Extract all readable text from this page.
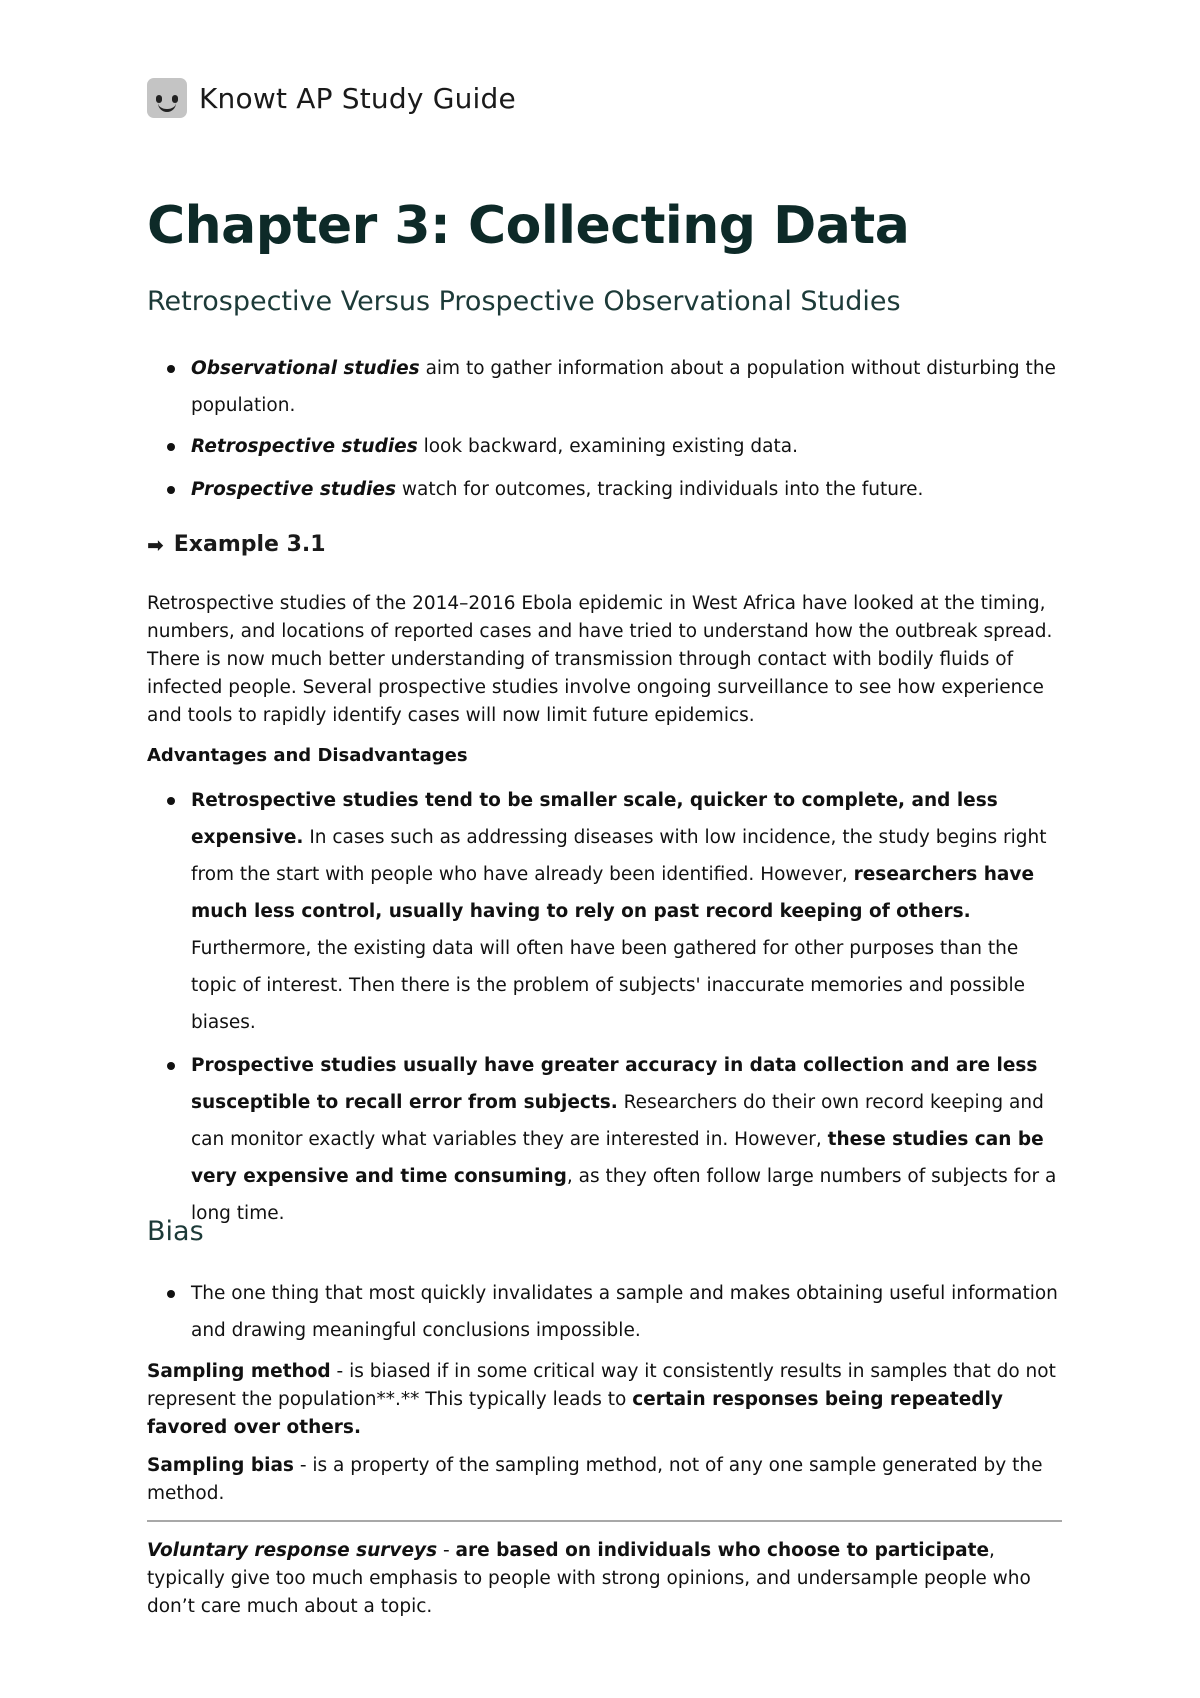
Knowt AP Study Guide
Chapter 3: Collecting Data
Retrospective Versus Prospective Observational Studies
Observational studies aim to gather information about a population without disturbing the population.
Retrospective studies look backward, examining existing data.
Prospective studies watch for outcomes, tracking individuals into the future.
➡ Example 3.1

Retrospective studies of the 2014–2016 Ebola epidemic in West Africa have looked at the timing, numbers, and locations of reported cases and have tried to understand how the outbreak spread. There is now much better understanding of transmission through contact with bodily fluids of infected people. Several prospective studies involve ongoing surveillance to see how experience and tools to rapidly identify cases will now limit future epidemics.

Advantages and Disadvantages
Retrospective studies tend to be smaller scale, quicker to complete, and less expensive. In cases such as addressing diseases with low incidence, the study begins right from the start with people who have already been identified. However, researchers have much less control, usually having to rely on past record keeping of others. Furthermore, the existing data will often have been gathered for other purposes than the topic of interest. Then there is the problem of subjects' inaccurate memories and possible biases.
Prospective studies usually have greater accuracy in data collection and are less susceptible to recall error from subjects. Researchers do their own record keeping and can monitor exactly what variables they are interested in. However, these studies can be very expensive and time consuming, as they often follow large numbers of subjects for a long time.
Bias
The one thing that most quickly invalidates a sample and makes obtaining useful information and drawing meaningful conclusions impossible.

Sampling method - is biased if in some critical way it consistently results in samples that do not represent the population**.** This typically leads to certain responses being repeatedly favored over others.

Sampling bias - is a property of the sampling method, not of any one sample generated by the method.

Voluntary response surveys - are based on individuals who choose to participate, typically give too much emphasis to people with strong opinions, and undersample people who don’t care much about a topic.
